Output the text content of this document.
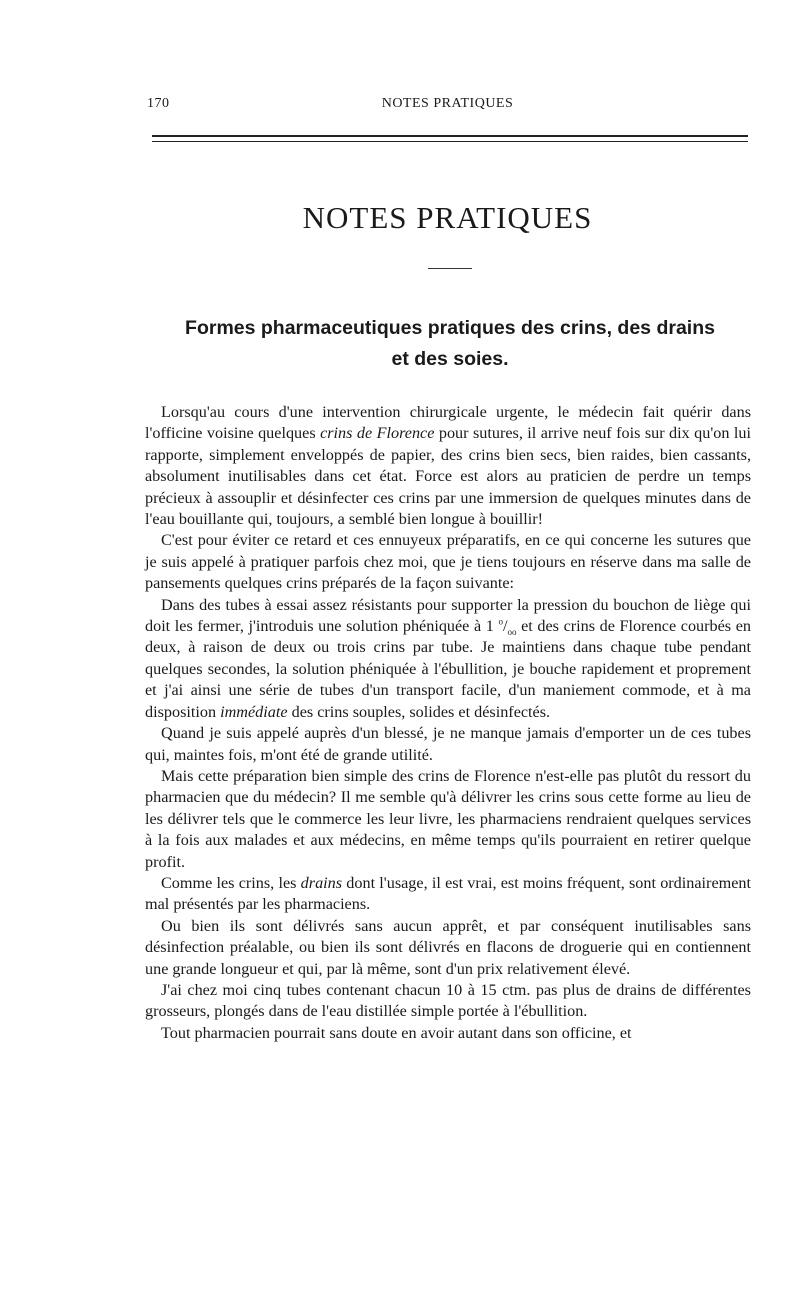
170	NOTES PRATIQUES
NOTES PRATIQUES
Formes pharmaceutiques pratiques des crins, des drains
et des soies.

Lorsqu'au cours d'une intervention chirurgicale urgente, le médecin fait quérir dans l'officine voisine quelques crins de Florence pour sutures, il arrive neuf fois sur dix qu'on lui rapporte, simplement enveloppés de papier, des crins bien secs, bien raides, bien cassants, absolument inutilisables dans cet état. Force est alors au praticien de perdre un temps précieux à assouplir et désinfecter ces crins par une immersion de quelques minutes dans de l'eau bouillante qui, toujours, a semblé bien longue à bouillir!

C'est pour éviter ce retard et ces ennuyeux préparatifs, en ce qui concerne les sutures que je suis appelé à pratiquer parfois chez moi, que je tiens toujours en réserve dans ma salle de pansements quelques crins préparés de la façon suivante:

Dans des tubes à essai assez résistants pour supporter la pression du bouchon de liège qui doit les fermer, j'introduis une solution phéniquée à 1 $^o/_{oo}$ et des crins de Florence courbés en deux, à raison de deux ou trois crins par tube. Je maintiens dans chaque tube pendant quelques secondes, la solution phéniquée à l'ébullition, je bouche rapidement et proprement et j'ai ainsi une série de tubes d'un transport facile, d'un maniement commode, et à ma disposition immédiate des crins souples, solides et désinfectés.

Quand je suis appelé auprès d'un blessé, je ne manque jamais d'emporter un de ces tubes qui, maintes fois, m'ont été de grande utilité.

Mais cette préparation bien simple des crins de Florence n'est-elle pas plutôt du ressort du pharmacien que du médecin? Il me semble qu'à délivrer les crins sous cette forme au lieu de les délivrer tels que le commerce les leur livre, les pharmaciens rendraient quelques services à la fois aux malades et aux médecins, en même temps qu'ils pourraient en retirer quelque profit.

Comme les crins, les drains dont l'usage, il est vrai, est moins fréquent, sont ordinairement mal présentés par les pharmaciens.

Ou bien ils sont délivrés sans aucun apprêt, et par conséquent inutilisables sans désinfection préalable, ou bien ils sont délivrés en flacons de droguerie qui en contiennent une grande longueur et qui, par là même, sont d'un prix relativement élevé.

J'ai chez moi cinq tubes contenant chacun 10 à 15 ctm. pas plus de drains de différentes grosseurs, plongés dans de l'eau distillée simple portée à l'ébullition.

Tout pharmacien pourrait sans doute en avoir autant dans son officine, et
